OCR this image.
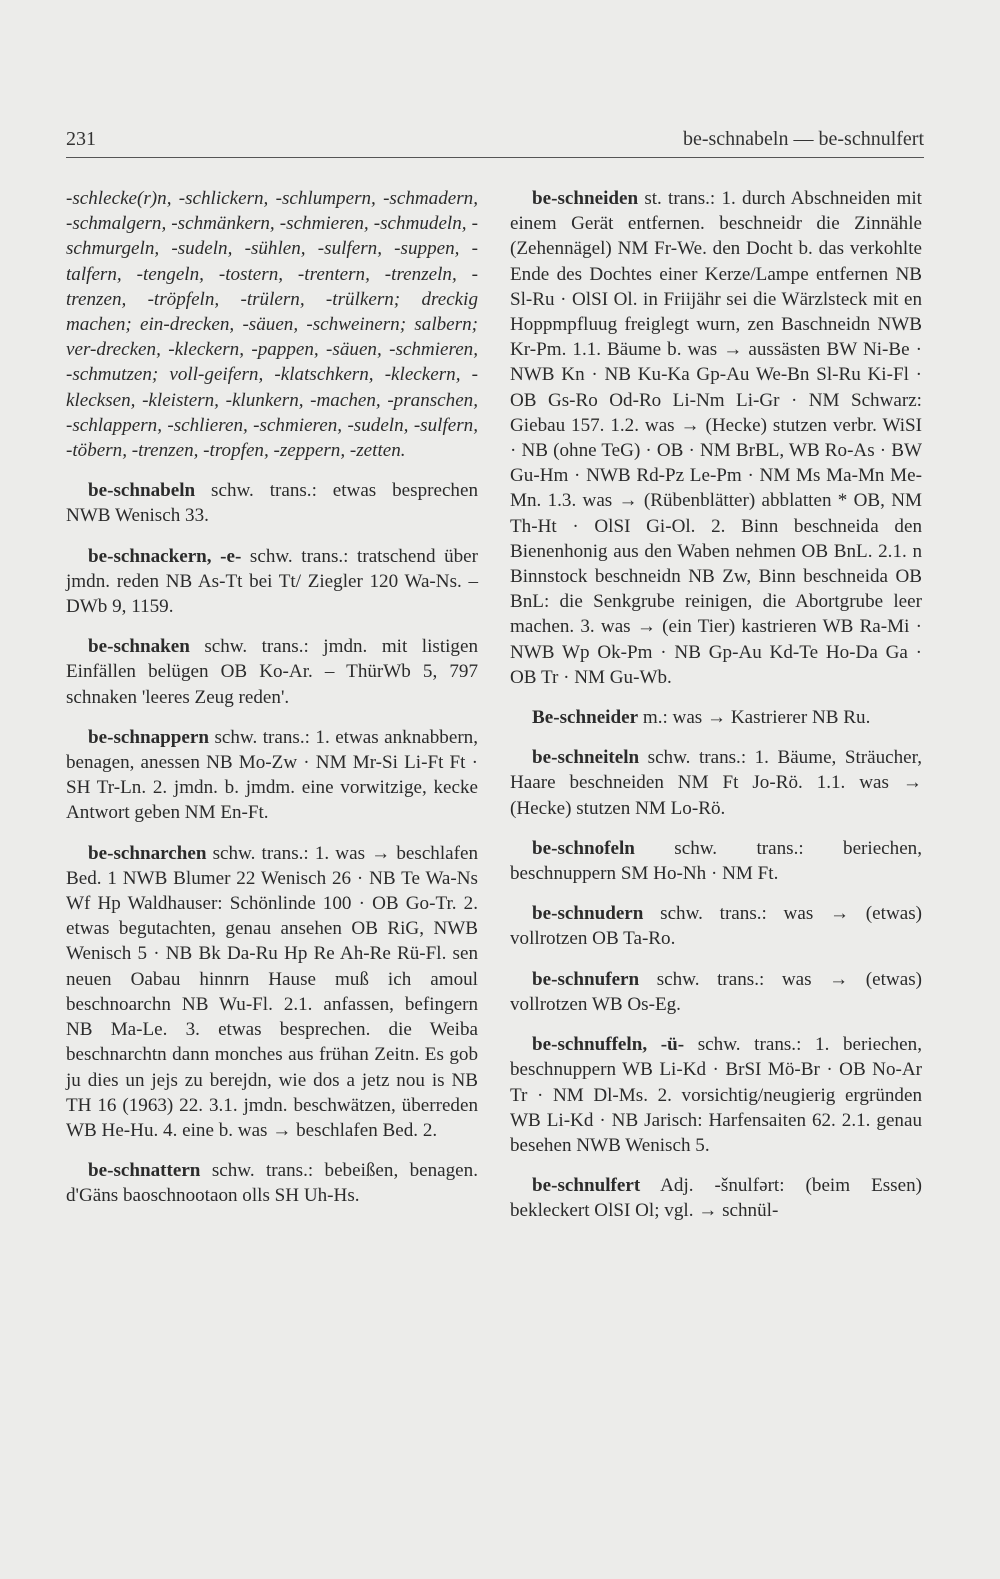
231	be-schnabeln — be-schnulfert

-schlecke(r)n, -schlickern, -schlumpern, -schmadern, -schmalgern, -schmänkern, -schmieren, -schmudeln, -schmurgeln, -sudeln, -sühlen, -sulfern, -suppen, -talfern, -tengeln, -tostern, -trentern, -trenzeln, -trenzen, -tröpfeln, -trülern, -trülkern; dreckig machen; ein-drecken, -säuen, -schweinern; salbern; ver-drecken, -kleckern, -pappen, -säuen, -schmieren, -schmutzen; voll-geifern, -klatschkern, -kleckern, -klecksen, -kleistern, -klunkern, -machen, -pranschen, -schlappern, -schlieren, -schmieren, -sudeln, -sulfern, -töbern, -trenzen, -tropfen, -zeppern, -zetten.

be-schnabeln schw. trans.: etwas besprechen NWB Wenisch 33.

be-schnackern, -e- schw. trans.: tratschend über jmdn. reden NB As-Tt bei Tt/ Ziegler 120 Wa-Ns. – DWb 9, 1159.

be-schnaken schw. trans.: jmdn. mit listigen Einfällen belügen OB Ko-Ar. – ThürWb 5, 797 schnaken 'leeres Zeug reden'.

be-schnappern schw. trans.: 1. etwas anknabbern, benagen, anessen NB Mo-Zw · NM Mr-Si Li-Ft Ft · SH Tr-Ln. 2. jmdn. b. jmdm. eine vorwitzige, kecke Antwort geben NM En-Ft.

be-schnarchen schw. trans.: 1. was → beschlafen Bed. 1 NWB Blumer 22 Wenisch 26 · NB Te Wa-Ns Wf Hp Waldhauser: Schönlinde 100 · OB Go-Tr. 2. etwas begutachten, genau ansehen OB RiG, NWB Wenisch 5 · NB Bk Da-Ru Hp Re Ah-Re Rü-Fl. sen neuen Oabau hinnrn Hause muß ich amoul beschnoarchn NB Wu-Fl. 2.1. anfassen, befingern NB Ma-Le. 3. etwas besprechen. die Weiba beschnarchtn dann monches aus frühan Zeitn. Es gob ju dies un jejs zu berejdn, wie dos a jetz nou is NB TH 16 (1963) 22. 3.1. jmdn. beschwätzen, überreden WB He-Hu. 4. eine b. was → beschlafen Bed. 2.

be-schnattern schw. trans.: bebeißen, benagen. d'Gäns baoschnootaon olls SH Uh-Hs.

be-schneiden st. trans.: 1. durch Abschneiden mit einem Gerät entfernen. beschneidr die Zinnähle (Zehennägel) NM Fr-We. den Docht b. das verkohlte Ende des Dochtes einer Kerze/Lampe entfernen NB Sl-Ru · OlSI Ol. in Friijähr sei die Wärzlsteck mit en Hoppmpfluug freiglegt wurn, zen Baschneidn NWB Kr-Pm. 1.1. Bäume b. was → aussästen BW Ni-Be · NWB Kn · NB Ku-Ka Gp-Au We-Bn Sl-Ru Ki-Fl · OB Gs-Ro Od-Ro Li-Nm Li-Gr · NM Schwarz: Giebau 157. 1.2. was → (Hecke) stutzen verbr. WiSI · NB (ohne TeG) · OB · NM BrBL, WB Ro-As · BW Gu-Hm · NWB Rd-Pz Le-Pm · NM Ms Ma-Mn Me-Mn. 1.3. was → (Rübenblätter) abblatten * OB, NM Th-Ht · OlSI Gi-Ol. 2. Binn beschneida den Bienenhonig aus den Waben nehmen OB BnL. 2.1. n Binnstock beschneidn NB Zw, Binn beschneida OB BnL: die Senkgrube reinigen, die Abortgrube leer machen. 3. was → (ein Tier) kastrieren WB Ra-Mi · NWB Wp Ok-Pm · NB Gp-Au Kd-Te Ho-Da Ga · OB Tr · NM Gu-Wb.

Be-schneider m.: was → Kastrierer NB Ru.

be-schneiteln schw. trans.: 1. Bäume, Sträucher, Haare beschneiden NM Ft Jo-Rö. 1.1. was → (Hecke) stutzen NM Lo-Rö.

be-schnofeln schw. trans.: beriechen, beschnuppern SM Ho-Nh · NM Ft.

be-schnudern schw. trans.: was → (etwas) vollrotzen OB Ta-Ro.

be-schnufern schw. trans.: was → (etwas) vollrotzen WB Os-Eg.

be-schnuffeln, -ü- schw. trans.: 1. beriechen, beschnuppern WB Li-Kd · BrSI Mö-Br · OB No-Ar Tr · NM Dl-Ms. 2. vorsichtig/neugierig ergründen WB Li-Kd · NB Jarisch: Harfensaiten 62. 2.1. genau besehen NWB Wenisch 5.

be-schnulfert Adj. -šnulfərt: (beim Essen) bekleckert OlSI Ol; vgl. → schnül-
